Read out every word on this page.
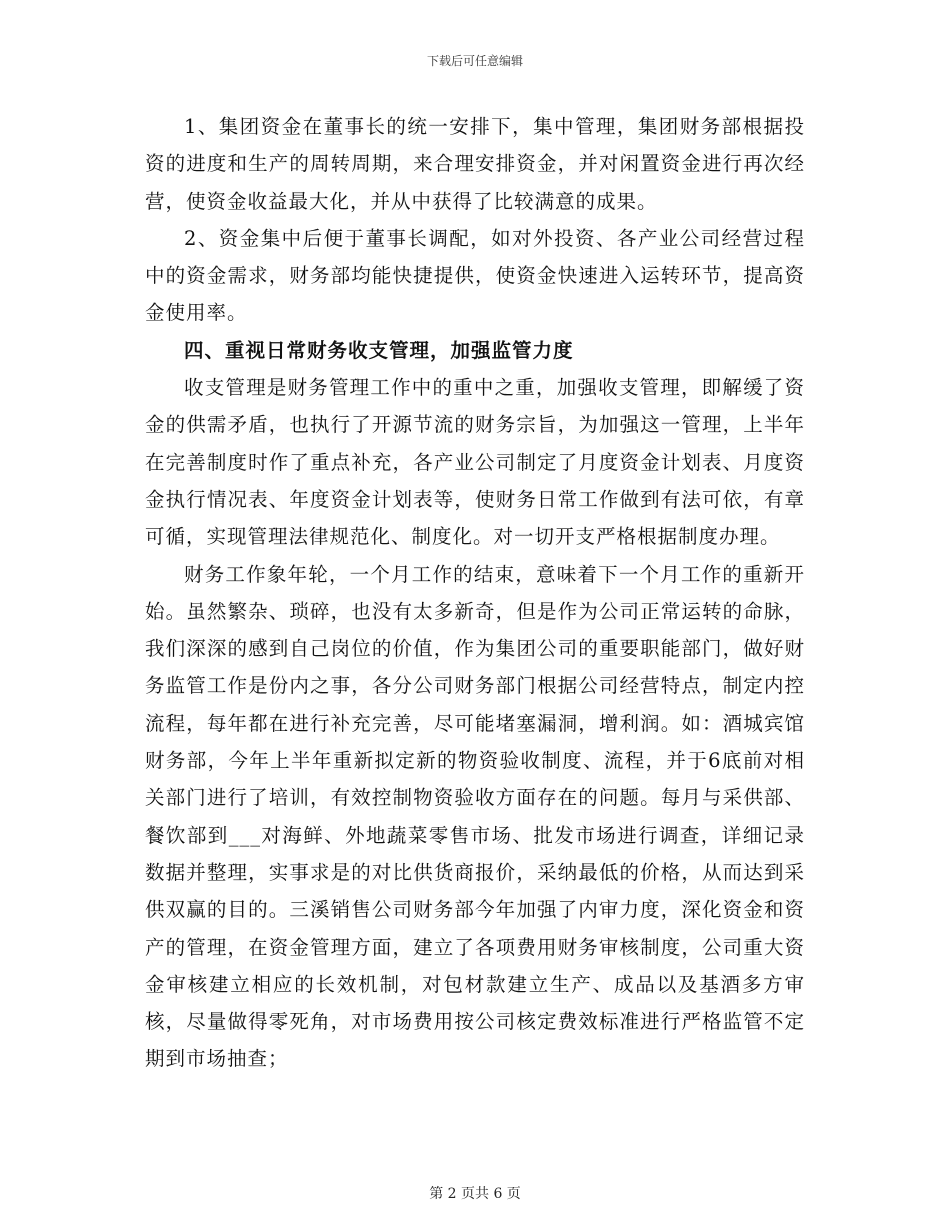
下载后可任意编辑

1、集团资金在董事长的统一安排下，集中管理，集团财务部根据投资的进度和生产的周转周期，来合理安排资金，并对闲置资金进行再次经营，使资金收益最大化，并从中获得了比较满意的成果。

2、资金集中后便于董事长调配，如对外投资、各产业公司经营过程中的资金需求，财务部均能快捷提供，使资金快速进入运转环节，提高资金使用率。

四、重视日常财务收支管理，加强监管力度

收支管理是财务管理工作中的重中之重，加强收支管理，即解缓了资金的供需矛盾，也执行了开源节流的财务宗旨，为加强这一管理，上半年在完善制度时作了重点补充，各产业公司制定了月度资金计划表、月度资金执行情况表、年度资金计划表等，使财务日常工作做到有法可依，有章可循，实现管理法律规范化、制度化。对一切开支严格根据制度办理。

财务工作象年轮，一个月工作的结束，意味着下一个月工作的重新开始。虽然繁杂、琐碎，也没有太多新奇，但是作为公司正常运转的命脉，我们深深的感到自己岗位的价值，作为集团公司的重要职能部门，做好财务监管工作是份内之事，各分公司财务部门根据公司经营特点，制定内控流程，每年都在进行补充完善，尽可能堵塞漏洞，增利润。如：酒城宾馆财务部，今年上半年重新拟定新的物资验收制度、流程，并于6底前对相关部门进行了培训，有效控制物资验收方面存在的问题。每月与采供部、餐饮部到___对海鲜、外地蔬菜零售市场、批发市场进行调查，详细记录数据并整理，实事求是的对比供货商报价，采纳最低的价格，从而达到采供双赢的目的。三溪销售公司财务部今年加强了内审力度，深化资金和资产的管理，在资金管理方面，建立了各项费用财务审核制度，公司重大资金审核建立相应的长效机制，对包材款建立生产、成品以及基酒多方审核，尽量做得零死角，对市场费用按公司核定费效标准进行严格监管不定期到市场抽查；

第 2 页共 6 页
